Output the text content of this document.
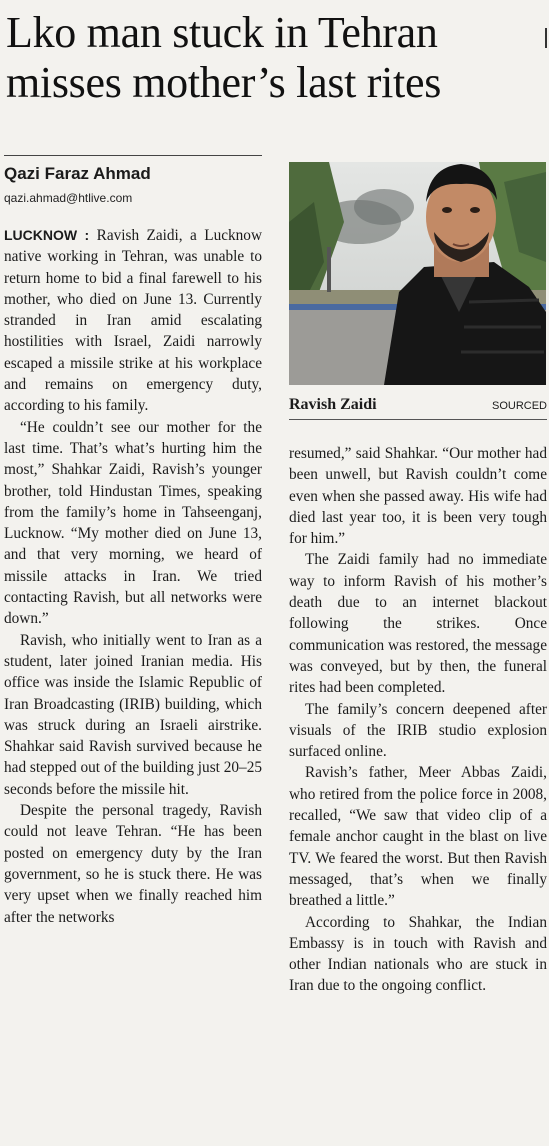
Lko man stuck in Tehran misses mother’s last rites
Qazi Faraz Ahmad
qazi.ahmad@htlive.com

LUCKNOW : Ravish Zaidi, a Lucknow native working in Tehran, was unable to return home to bid a final farewell to his mother, who died on June 13. Currently stranded in Iran amid escalating hostilities with Israel, Zaidi narrowly escaped a missile strike at his workplace and remains on emergency duty, according to his family.

“He couldn’t see our mother for the last time. That’s what’s hurting him the most,” Shahkar Zaidi, Ravish’s younger brother, told Hindustan Times, speaking from the family’s home in Tahseenganj, Lucknow. “My mother died on June 13, and that very morning, we heard of missile attacks in Iran. We tried contacting Ravish, but all networks were down.”

Ravish, who initially went to Iran as a student, later joined Iranian media. His office was inside the Islamic Republic of Iran Broadcasting (IRIB) building, which was struck during an Israeli airstrike. Shahkar said Ravish survived because he had stepped out of the building just 20–25 seconds before the missile hit.

Despite the personal tragedy, Ravish could not leave Tehran. “He has been posted on emergency duty by the Iran government, so he is stuck there. He was very upset when we finally reached him after the networks

Ravish Zaidi	SOURCED

resumed,” said Shahkar. “Our mother had been unwell, but Ravish couldn’t come even when she passed away. His wife had died last year too, it is been very tough for him.”

The Zaidi family had no immediate way to inform Ravish of his mother’s death due to an internet blackout following the strikes. Once communication was restored, the message was conveyed, but by then, the funeral rites had been completed.

The family’s concern deepened after visuals of the IRIB studio explosion surfaced online.

Ravish’s father, Meer Abbas Zaidi, who retired from the police force in 2008, recalled, “We saw that video clip of a female anchor caught in the blast on live TV. We feared the worst. But then Ravish messaged, that’s when we finally breathed a little.”

According to Shahkar, the Indian Embassy is in touch with Ravish and other Indian nationals who are stuck in Iran due to the ongoing conflict.
